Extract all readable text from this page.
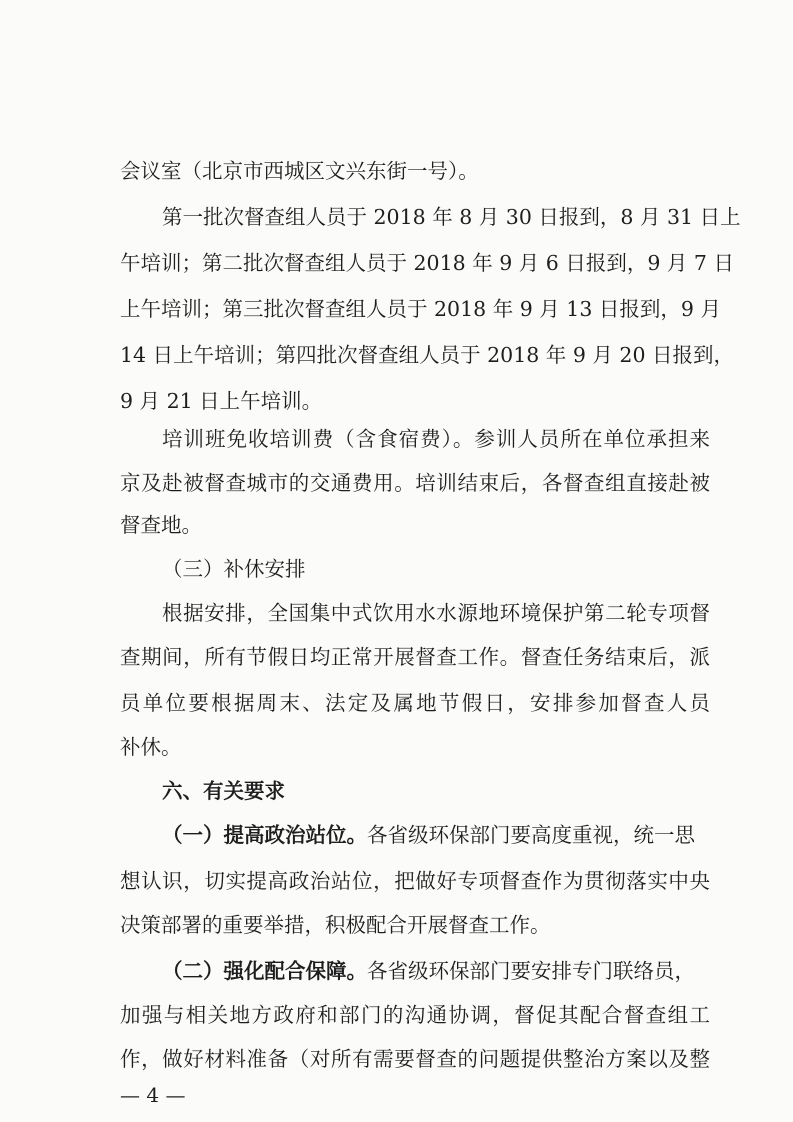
会议室（北京市西城区文兴东街一号）。
第一批次督查组人员于 2018 年 8 月 30 日报到，8 月 31 日上
午培训；第二批次督查组人员于 2018 年 9 月 6 日报到，9 月 7 日
上午培训；第三批次督查组人员于 2018 年 9 月 13 日报到，9 月
14 日上午培训；第四批次督查组人员于 2018 年 9 月 20 日报到，
9 月 21 日上午培训。
培训班免收培训费（含食宿费）。参训人员所在单位承担来
京及赴被督查城市的交通费用。培训结束后，各督查组直接赴被
督查地。
（三）补休安排
根据安排，全国集中式饮用水水源地环境保护第二轮专项督
查期间，所有节假日均正常开展督查工作。督查任务结束后，派
员单位要根据周末、法定及属地节假日，安排参加督查人员
补休。
六、有关要求
（一）提高政治站位。各省级环保部门要高度重视，统一思
想认识，切实提高政治站位，把做好专项督查作为贯彻落实中央
决策部署的重要举措，积极配合开展督查工作。
（二）强化配合保障。各省级环保部门要安排专门联络员，
加强与相关地方政府和部门的沟通协调，督促其配合督查组工
作，做好材料准备（对所有需要督查的问题提供整治方案以及整
— 4 —
